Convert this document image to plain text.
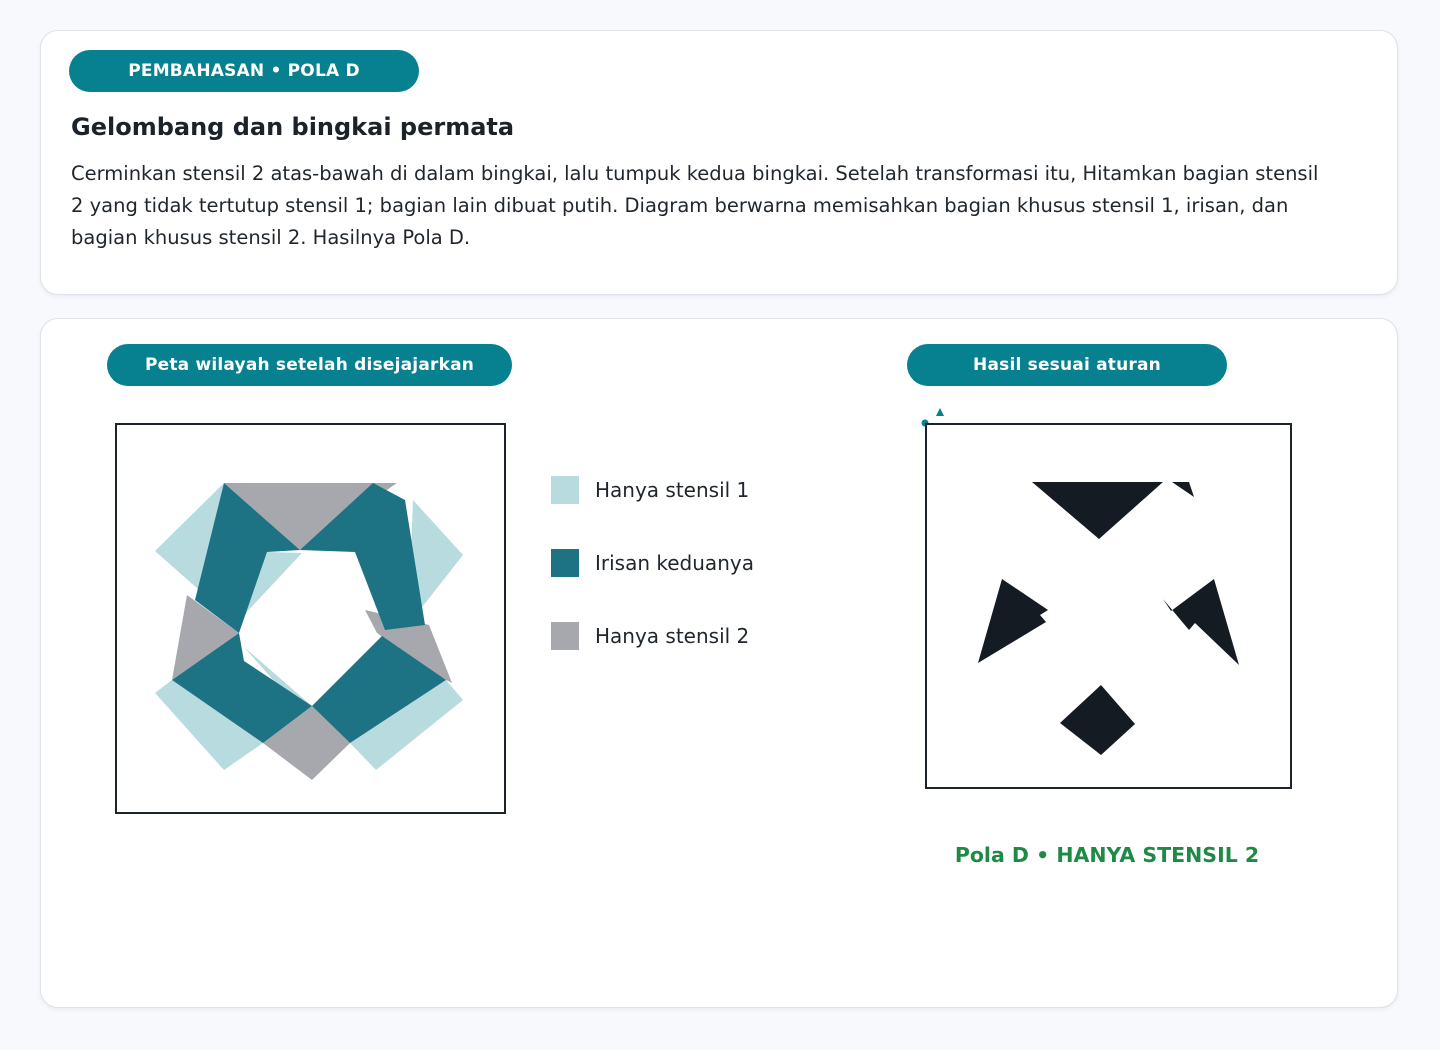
PEMBAHASAN • POLA D
Gelombang dan bingkai permata

Cerminkan stensil 2 atas-bawah di dalam bingkai, lalu tumpuk kedua bingkai. Setelah transformasi itu, Hitamkan bagian stensil 2 yang tidak tertutup stensil 1; bagian lain dibuat putih. Diagram berwarna memisahkan bagian khusus stensil 1, irisan, dan bagian khusus stensil 2. Hasilnya Pola D.

Peta wilayah setelah disejajarkan	Hasil sesuai aturan
Hanya stensil 1
Irisan keduanya
Hanya stensil 2
Pola D • HANYA STENSIL 2
